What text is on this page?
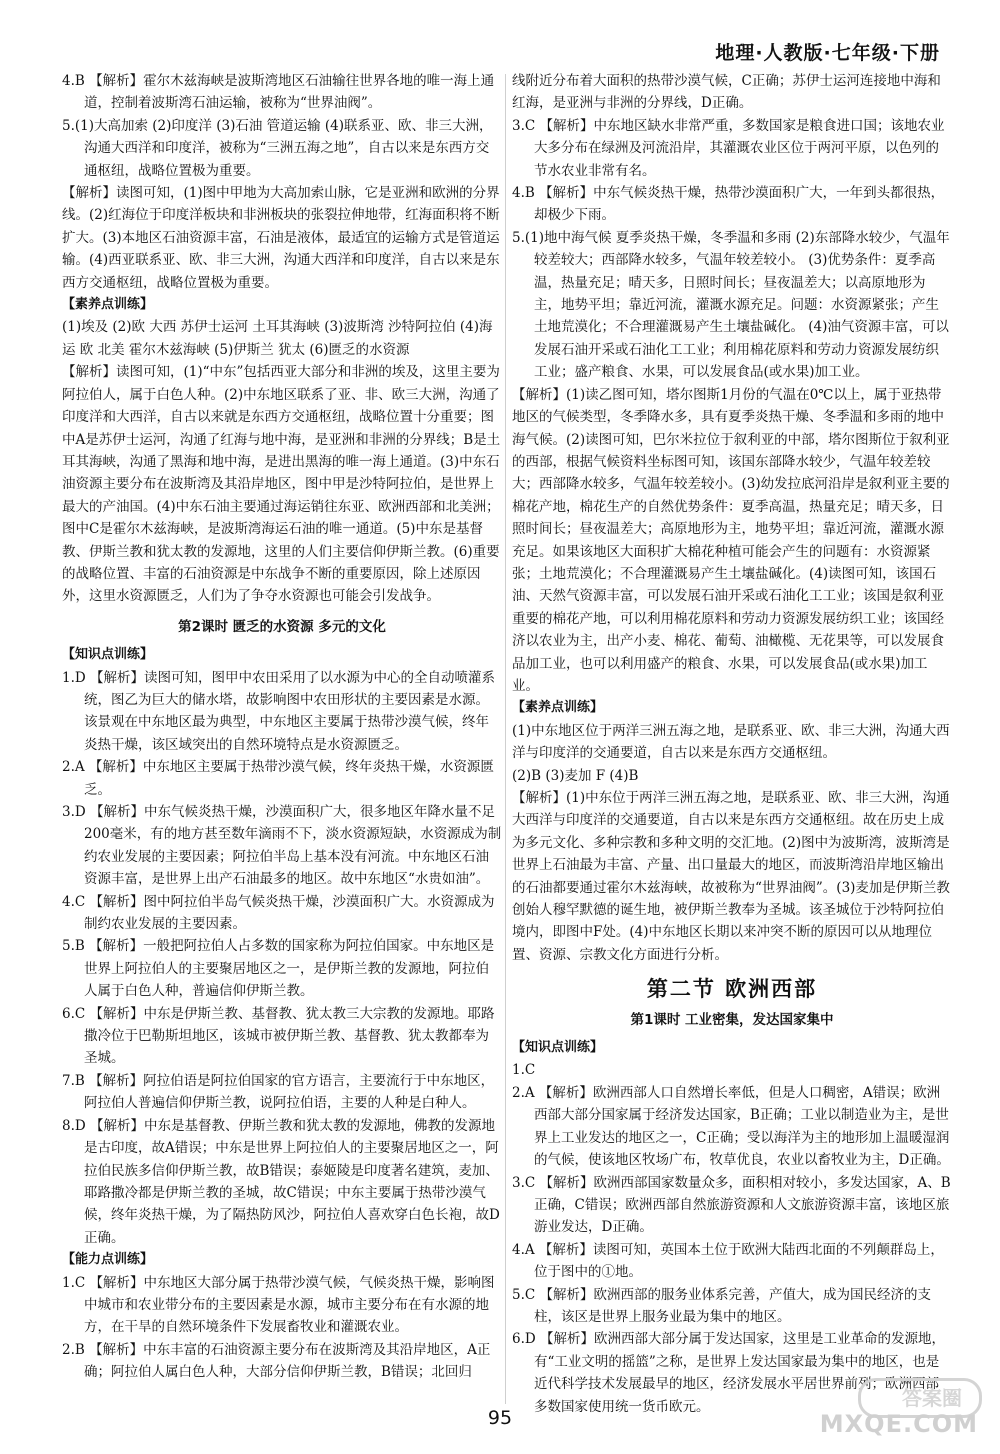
地理·人教版·七年级·下册
4.B 【解析】霍尔木兹海峡是波斯湾地区石油输往世界各地的唯一海上通道，控制着波斯湾石油运输，被称为“世界油阀”。
5.(1)大高加索 (2)印度洋 (3)石油 管道运输 (4)联系亚、欧、非三大洲，沟通大西洋和印度洋，被称为“三洲五海之地”，自古以来是东西方交通枢纽，战略位置极为重要。
【解析】读图可知，(1)图中甲地为大高加索山脉，它是亚洲和欧洲的分界线。(2)红海位于印度洋板块和非洲板块的张裂拉伸地带，红海面积将不断扩大。(3)本地区石油资源丰富，石油是液体，最适宜的运输方式是管道运输。(4)西亚联系亚、欧、非三大洲，沟通大西洋和印度洋，自古以来是东西方交通枢纽，战略位置极为重要。
【素养点训练】
(1)埃及 (2)欧 大西 苏伊士运河 土耳其海峡 (3)波斯湾 沙特阿拉伯 (4)海运 欧 北美 霍尔木兹海峡 (5)伊斯兰 犹太 (6)匮乏的水资源
【解析】读图可知，(1)“中东”包括西亚大部分和非洲的埃及，这里主要为阿拉伯人，属于白色人种。(2)中东地区联系了亚、非、欧三大洲，沟通了印度洋和大西洋，自古以来就是东西方交通枢纽，战略位置十分重要；图中A是苏伊士运河，沟通了红海与地中海，是亚洲和非洲的分界线；B是土耳其海峡，沟通了黑海和地中海，是进出黑海的唯一海上通道。(3)中东石油资源主要分布在波斯湾及其沿岸地区，图中甲是沙特阿拉伯，是世界上最大的产油国。(4)中东石油主要通过海运销往东亚、欧洲西部和北美洲；图中C是霍尔木兹海峡，是波斯湾海运石油的唯一通道。(5)中东是基督教、伊斯兰教和犹太教的发源地，这里的人们主要信仰伊斯兰教。(6)重要的战略位置、丰富的石油资源是中东战争不断的重要原因，除上述原因外，这里水资源匮乏，人们为了争夺水资源也可能会引发战争。
第2课时 匮乏的水资源 多元的文化
【知识点训练】
1.D 【解析】读图可知，图甲中农田采用了以水源为中心的全自动喷灌系统，图乙为巨大的储水塔，故影响图中农田形状的主要因素是水源。该景观在中东地区最为典型，中东地区主要属于热带沙漠气候，终年炎热干燥，该区域突出的自然环境特点是水资源匮乏。
2.A 【解析】中东地区主要属于热带沙漠气候，终年炎热干燥，水资源匮乏。
3.D 【解析】中东气候炎热干燥，沙漠面积广大，很多地区年降水量不足200毫米，有的地方甚至数年滴雨不下，淡水资源短缺，水资源成为制约农业发展的主要因素；阿拉伯半岛上基本没有河流。中东地区石油资源丰富，是世界上出产石油最多的地区。故中东地区“水贵如油”。
4.C 【解析】图中阿拉伯半岛气候炎热干燥，沙漠面积广大。水资源成为制约农业发展的主要因素。
5.B 【解析】一般把阿拉伯人占多数的国家称为阿拉伯国家。中东地区是世界上阿拉伯人的主要聚居地区之一，是伊斯兰教的发源地，阿拉伯人属于白色人种，普遍信仰伊斯兰教。
6.C 【解析】中东是伊斯兰教、基督教、犹太教三大宗教的发源地。耶路撒冷位于巴勒斯坦地区，该城市被伊斯兰教、基督教、犹太教都奉为圣城。
7.B 【解析】阿拉伯语是阿拉伯国家的官方语言，主要流行于中东地区，阿拉伯人普遍信仰伊斯兰教，说阿拉伯语，主要的人种是白种人。
8.D 【解析】中东是基督教、伊斯兰教和犹太教的发源地，佛教的发源地是古印度，故A错误；中东是世界上阿拉伯人的主要聚居地区之一，阿拉伯民族多信仰伊斯兰教，故B错误；泰姬陵是印度著名建筑，麦加、耶路撒冷都是伊斯兰教的圣城，故C错误；中东主要属于热带沙漠气候，终年炎热干燥，为了隔热防风沙，阿拉伯人喜欢穿白色长袍，故D正确。
【能力点训练】
1.C 【解析】中东地区大部分属于热带沙漠气候，气候炎热干燥，影响图中城市和农业带分布的主要因素是水源，城市主要分布在有水源的地方，在干旱的自然环境条件下发展畜牧业和灌溉农业。
2.B 【解析】中东丰富的石油资源主要分布在波斯湾及其沿岸地区，A正确；阿拉伯人属白色人种，大部分信仰伊斯兰教，B错误；北回归
线附近分布着大面积的热带沙漠气候，C正确；苏伊士运河连接地中海和红海，是亚洲与非洲的分界线，D正确。
3.C 【解析】中东地区缺水非常严重，多数国家是粮食进口国；该地农业大多分布在绿洲及河流沿岸，其灌溉农业区位于两河平原，以色列的节水农业非常有名。
4.B 【解析】中东气候炎热干燥，热带沙漠面积广大，一年到头都很热，却极少下雨。
5.(1)地中海气候 夏季炎热干燥，冬季温和多雨 (2)东部降水较少，气温年较差较大；西部降水较多，气温年较差较小。 (3)优势条件：夏季高温，热量充足；晴天多，日照时间长；昼夜温差大；以高原地形为主，地势平坦；靠近河流，灌溉水源充足。问题：水资源紧张；产生土地荒漠化；不合理灌溉易产生土壤盐碱化。 (4)油气资源丰富，可以发展石油开采或石油化工工业；利用棉花原料和劳动力资源发展纺织工业；盛产粮食、水果，可以发展食品(或水果)加工业。
【解析】(1)读乙图可知，塔尔图斯1月份的气温在0℃以上，属于亚热带地区的气候类型，冬季降水多，具有夏季炎热干燥、冬季温和多雨的地中海气候。(2)读图可知，巴尔米拉位于叙利亚的中部，塔尔图斯位于叙利亚的西部，根据气候资料坐标图可知，该国东部降水较少，气温年较差较大；西部降水较多，气温年较差较小。(3)幼发拉底河沿岸是叙利亚主要的棉花产地，棉花生产的自然优势条件：夏季高温，热量充足；晴天多，日照时间长；昼夜温差大；高原地形为主，地势平坦；靠近河流，灌溉水源充足。如果该地区大面积扩大棉花种植可能会产生的问题有：水资源紧张；土地荒漠化；不合理灌溉易产生土壤盐碱化。(4)读图可知，该国石油、天然气资源丰富，可以发展石油开采或石油化工工业；该国是叙利亚重要的棉花产地，可以利用棉花原料和劳动力资源发展纺织工业；该国经济以农业为主，出产小麦、棉花、葡萄、油橄榄、无花果等，可以发展食品加工业，也可以利用盛产的粮食、水果，可以发展食品(或水果)加工业。
【素养点训练】
(1)中东地区位于两洋三洲五海之地，是联系亚、欧、非三大洲，沟通大西洋与印度洋的交通要道，自古以来是东西方交通枢纽。
(2)B (3)麦加 F (4)B
【解析】(1)中东位于两洋三洲五海之地，是联系亚、欧、非三大洲，沟通大西洋与印度洋的交通要道，自古以来是东西方交通枢纽。故在历史上成为多元文化、多种宗教和多种文明的交汇地。(2)图中为波斯湾，波斯湾是世界上石油最为丰富、产量、出口量最大的地区，而波斯湾沿岸地区输出的石油都要通过霍尔木兹海峡，故被称为“世界油阀”。(3)麦加是伊斯兰教创始人穆罕默德的诞生地，被伊斯兰教奉为圣城。该圣城位于沙特阿拉伯境内，即图中F处。(4)中东地区长期以来冲突不断的原因可以从地理位置、资源、宗教文化方面进行分析。
第二节 欧洲西部
第1课时 工业密集，发达国家集中
【知识点训练】
1.C
2.A 【解析】欧洲西部人口自然增长率低，但是人口稠密，A错误；欧洲西部大部分国家属于经济发达国家，B正确；工业以制造业为主，是世界上工业发达的地区之一，C正确；受以海洋为主的地形加上温暖湿润的气候，使该地区牧场广布，牧草优良，农业以畜牧业为主，D正确。
3.C 【解析】欧洲西部国家数量众多，面积相对较小，多发达国家，A、B正确，C错误；欧洲西部自然旅游资源和人文旅游资源丰富，该地区旅游业发达，D正确。
4.A 【解析】读图可知，英国本土位于欧洲大陆西北面的不列颠群岛上，位于图中的①地。
5.C 【解析】欧洲西部的服务业体系完善，产值大，成为国民经济的支柱，该区是世界上服务业最为集中的地区。
6.D 【解析】欧洲西部大部分属于发达国家，这里是工业革命的发源地，有“工业文明的摇篮”之称，是世界上发达国家最为集中的地区，也是近代科学技术发展最早的地区，经济发展水平居世界前列；欧洲西部多数国家使用统一货币欧元。
95
答案圈
MXQE.COM
